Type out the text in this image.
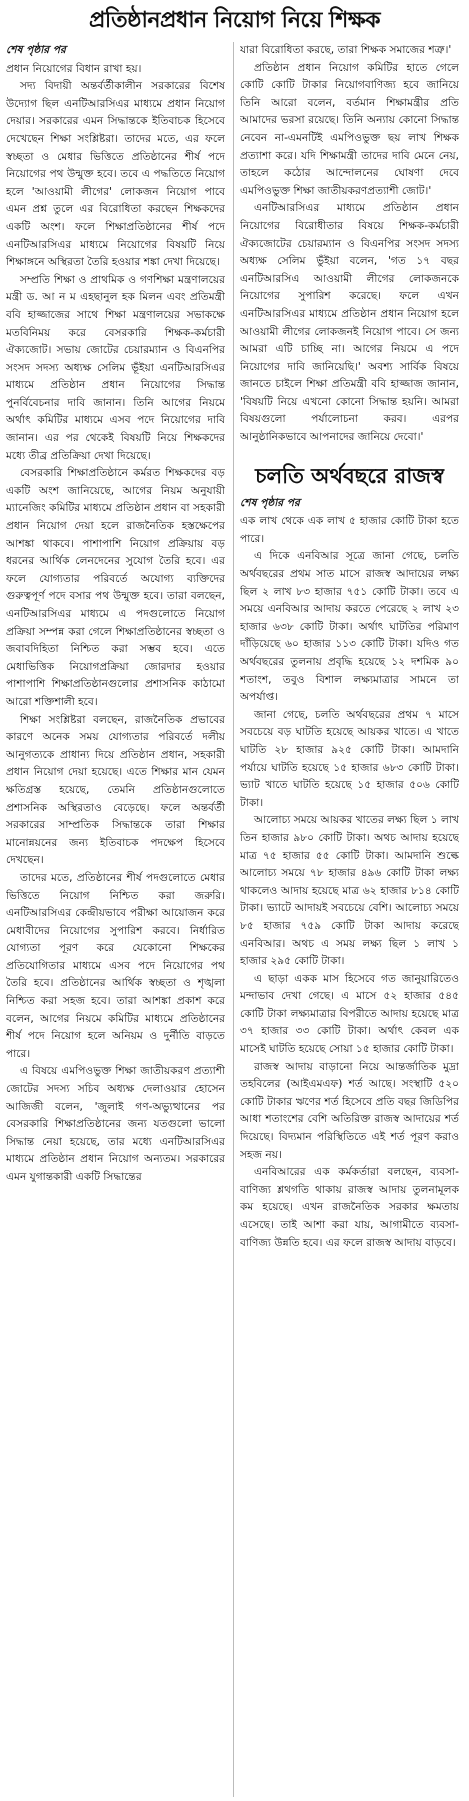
প্রতিষ্ঠানপ্রধান নিয়োগ নিয়ে শিক্ষক
শেষ পৃষ্ঠার পর

প্রধান নিয়োগের বিধান রাখা হয়।

সদ্য বিদায়ী অন্তর্বর্তীকালীন সরকারের বিশেষ উদ্যোগ ছিল এনটিআরসিএর মাধ্যমে প্রধান নিয়োগ দেয়ার। সরকারের এমন সিদ্ধান্তকে ইতিবাচক হিসেবে দেখেছেন শিক্ষা সংশ্লিষ্টরা। তাদের মতে, এর ফলে স্বচ্ছতা ও মেধার ভিত্তিতে প্রতিষ্ঠানের শীর্ষ পদে নিয়োগের পথ উন্মুক্ত হবে। তবে এ পদ্ধতিতে নিয়োগ হলে 'আওয়ামী লীগের' লোকজন নিয়োগ পাবে এমন প্রশ্ন তুলে এর বিরোধিতা করছেন শিক্ষকদের একটি অংশ। ফলে শিক্ষাপ্রতিষ্ঠানের শীর্ষ পদে এনটিআরসিএর মাধ্যমে নিয়োগের বিষয়টি নিয়ে শিক্ষাঙ্গনে অস্থিরতা তৈরি হওয়ার শঙ্কা দেখা দিয়েছে।

সম্প্রতি শিক্ষা ও প্রাথমিক ও গণশিক্ষা মন্ত্রণালয়ের মন্ত্রী ড. আ ন ম এহছানুল হক মিলন এবং প্রতিমন্ত্রী ববি হাজ্জাজের সাথে শিক্ষা মন্ত্রণালয়ের সভাকক্ষে মতবিনিময় করে বেসরকারি শিক্ষক-কর্মচারী ঐক্যজোট। সভায় জোটের চেয়ারম্যান ও বিএনপির সংসদ সদস্য অধ্যক্ষ সেলিম ভূঁইয়া এনটিআরসিএর মাধ্যমে প্রতিষ্ঠান প্রধান নিয়োগের সিদ্ধান্ত পুনর্বিবেচনার দাবি জানান। তিনি আগের নিয়মে অর্থাৎ কমিটির মাধ্যমে এসব পদে নিয়োগের দাবি জানান। এর পর থেকেই বিষয়টি নিয়ে শিক্ষকদের মধ্যে তীব্র প্রতিক্রিয়া দেখা দিয়েছে।

বেসরকারি শিক্ষাপ্রতিষ্ঠানে কর্মরত শিক্ষকদের বড় একটি অংশ জানিয়েছে, আগের নিয়ম অনুযায়ী ম্যানেজিং কমিটির মাধ্যমে প্রতিষ্ঠান প্রধান বা সহকারী প্রধান নিয়োগ দেয়া হলে রাজনৈতিক হস্তক্ষেপের আশঙ্কা থাকবে। পাশাপাশি নিয়োগ প্রক্রিয়ায় বড় ধরনের আর্থিক লেনদেনের সুযোগ তৈরি হবে। এর ফলে যোগ্যতার পরিবর্তে অযোগ্য ব্যক্তিদের গুরুত্বপূর্ণ পদে বসার পথ উন্মুক্ত হবে। তারা বলছেন, এনটিআরসিএর মাধ্যমে এ পদগুলোতে নিয়োগ প্রক্রিয়া সম্পন্ন করা গেলে শিক্ষাপ্রতিষ্ঠানের স্বচ্ছতা ও জবাবদিহিতা নিশ্চিত করা সম্ভব হবে। এতে মেধাভিত্তিক নিয়োগপ্রক্রিয়া জোরদার হওয়ার পাশাপাশি শিক্ষাপ্রতিষ্ঠানগুলোর প্রশাসনিক কাঠামো আরো শক্তিশালী হবে।

শিক্ষা সংশ্লিষ্টরা বলছেন, রাজনৈতিক প্রভাবের কারণে অনেক সময় যোগ্যতার পরিবর্তে দলীয় আনুগত্যকে প্রাধান্য দিয়ে প্রতিষ্ঠান প্রধান, সহকারী প্রধান নিয়োগ দেয়া হয়েছে। এতে শিক্ষার মান যেমন ক্ষতিগ্রস্ত হয়েছে, তেমনি প্রতিষ্ঠানগুলোতে প্রশাসনিক অস্থিরতাও বেড়েছে। ফলে অন্তর্বর্তী সরকারের সাম্প্রতিক সিদ্ধান্তকে তারা শিক্ষার মানোন্নয়নের জন্য ইতিবাচক পদক্ষেপ হিসেবে দেখছেন।

তাদের মতে, প্রতিষ্ঠানের শীর্ষ পদগুলোতে মেধার ভিত্তিতে নিয়োগ নিশ্চিত করা জরুরি। এনটিআরসিএর কেন্দ্রীয়ভাবে পরীক্ষা আয়োজন করে মেধাবীদের নিয়োগের সুপারিশ করবে। নির্ধারিত যোগ্যতা পূরণ করে যেকোনো শিক্ষকের প্রতিযোগিতার মাধ্যমে এসব পদে নিয়োগের পথ তৈরি হবে। প্রতিষ্ঠানের আর্থিক স্বচ্ছতা ও শৃঙ্খলা নিশ্চিত করা সহজ হবে। তারা আশঙ্কা প্রকাশ করে বলেন, আগের নিয়মে কমিটির মাধ্যমে প্রতিষ্ঠানের শীর্ষ পদে নিয়োগ হলে অনিয়ম ও দুর্নীতি বাড়তে পারে।

এ বিষয়ে এমপিওভুক্ত শিক্ষা জাতীয়করণ প্রত্যাশী জোটের সদস্য সচিব অধ্যক্ষ দেলাওয়ার হোসেন আজিজী বলেন, 'জুলাই গণ-অভ্যুত্থানের পর বেসরকারি শিক্ষাপ্রতিষ্ঠানের জন্য যতগুলো ভালো সিদ্ধান্ত নেয়া হয়েছে, তার মধ্যে এনটিআরসিএর মাধ্যমে প্রতিষ্ঠান প্রধান নিয়োগ অন্যতম। সরকারের এমন যুগান্তকারী একটি সিদ্ধান্তের

যারা বিরোধিতা করছে, তারা শিক্ষক সমাজের শত্রু।'

প্রতিষ্ঠান প্রধান নিয়োগ কমিটির হাতে গেলে কোটি কোটি টাকার নিয়োগবাণিজ্য হবে জানিয়ে তিনি আরো বলেন, বর্তমান শিক্ষামন্ত্রীর প্রতি আমাদের ভরসা রয়েছে। তিনি অন্যায় কোনো সিদ্ধান্ত নেবেন না-এমনটিই এমপিওভুক্ত ছয় লাখ শিক্ষক প্রত্যাশা করে। যদি শিক্ষামন্ত্রী তাদের দাবি মেনে নেয়, তাহলে কঠোর আন্দোলনের ঘোষণা দেবে এমপিওভুক্ত শিক্ষা জাতীয়করণপ্রত্যাশী জোট।'

এনটিআরসিএর মাধ্যমে প্রতিষ্ঠান প্রধান নিয়োগের বিরোধীতার বিষয়ে শিক্ষক-কর্মচারী ঐক্যজোটের চেয়ারম্যান ও বিএনপির সংসদ সদস্য অধ্যক্ষ সেলিম ভুঁইয়া বলেন, 'গত ১৭ বছর এনটিআরসিএ আওয়ামী লীগের লোকজনকে নিয়োগের সুপারিশ করেছে। ফলে এখন এনটিআরসিএর মাধ্যমে প্রতিষ্ঠান প্রধান নিয়োগ হলে আওয়ামী লীগের লোকজনই নিয়োগ পাবে। সে জন্য আমরা এটি চাচ্ছি না। আগের নিয়মে এ পদে নিয়োগের দাবি জানিয়েছি।' অবশ্য সার্বিক বিষয়ে জানতে চাইলে শিক্ষা প্রতিমন্ত্রী ববি হাজ্জাজ জানান, 'বিষয়টি নিয়ে এখনো কোনো সিদ্ধান্ত হয়নি। আমরা বিষয়গুলো পর্যালোচনা করব। এরপর আনুষ্ঠানিকভাবে আপনাদের জানিয়ে দেবো।'

চলতি অর্থবছরে রাজস্ব
শেষ পৃষ্ঠার পর

এক লাখ থেকে এক লাখ ৫ হাজার কোটি টাকা হতে পারে।

এ দিকে এনবিআর সূত্রে জানা গেছে, চলতি অর্থবছরের প্রথম সাত মাসে রাজস্ব আদায়ের লক্ষ্য ছিল ২ লাখ ৮৩ হাজার ৭৫১ কোটি টাকা। তবে এ সময়ে এনবিআর আদায় করতে পেরেছে ২ লাখ ২৩ হাজার ৬৩৮ কোটি টাকা। অর্থাৎ ঘাটতির পরিমাণ দাঁড়িয়েছে ৬০ হাজার ১১৩ কোটি টাকা। যদিও গত অর্থবছরের তুলনায় প্রবৃদ্ধি হয়েছে ১২ দশমিক ৯০ শতাংশ, তবুও বিশাল লক্ষ্যমাত্রার সামনে তা অপর্যাপ্ত।

জানা গেছে, চলতি অর্থবছরের প্রথম ৭ মাসে সবচেয়ে বড় ঘাটতি হয়েছে আয়কর খাতে। এ খাতে ঘাটতি ২৮ হাজার ৯২৫ কোটি টাকা। আমদানি পর্যায়ে ঘাটতি হয়েছে ১৫ হাজার ৬৮৩ কোটি টাকা। ভ্যাট খাতে ঘাটতি হয়েছে ১৫ হাজার ৫০৬ কোটি টাকা।

আলোচ্য সময়ে আয়কর খাতের লক্ষ্য ছিল ১ লাখ তিন হাজার ৯৮০ কোটি টাকা। অথচ আদায় হয়েছে মাত্র ৭৫ হাজার ৫৫ কোটি টাকা। আমদানি শুল্কে আলোচ্য সময়ে ৭৮ হাজার ৪৯৬ কোটি টাকা লক্ষ্য থাকলেও আদায় হয়েছে মাত্র ৬২ হাজার ৮১৪ কোটি টাকা। ভ্যাটে আদায়ই সবচেয়ে বেশি। আলোচ্য সময়ে ৮৫ হাজার ৭৫৯ কোটি টাকা আদায় করেছে এনবিআর। অথচ এ সময় লক্ষ্য ছিল ১ লাখ ১ হাজার ২৯৫ কোটি টাকা।

এ ছাড়া একক মাস হিসেবে গত জানুয়ারিতেও মন্দাভাব দেখা গেছে। এ মাসে ৫২ হাজার ৫৪৫ কোটি টাকা লক্ষ্যমাত্রার বিপরীতে আদায় হয়েছে মাত্র ৩৭ হাজার ৩৩ কোটি টাকা। অর্থাৎ কেবল এক মাসেই ঘাটতি হয়েছে সোয়া ১৫ হাজার কোটি টাকা।

রাজস্ব আদায় বাড়ানো নিয়ে আন্তর্জাতিক মুদ্রা তহবিলের (আইএমএফ) শর্ত আছে। সংস্থাটি ৫২০ কোটি টাকার ঋণের শর্ত হিসেবে প্রতি বছর জিডিপির আধা শতাংশের বেশি অতিরিক্ত রাজস্ব আদায়ের শর্ত দিয়েছে। বিদ্যমান পরিস্থিতিতে এই শর্ত পূরণ করাও সহজ নয়।

এনবিআরের এক কর্মকর্তারা বলছেন, ব্যবসা-বাণিজ্য শ্লথগতি থাকায় রাজস্ব আদায় তুলনামূলক কম হয়েছে। এখন রাজনৈতিক সরকার ক্ষমতায় এসেছে। তাই আশা করা যায়, আগামীতে ব্যবসা-বাণিজ্য উন্নতি হবে। এর ফলে রাজস্ব আদায় বাড়বে।
